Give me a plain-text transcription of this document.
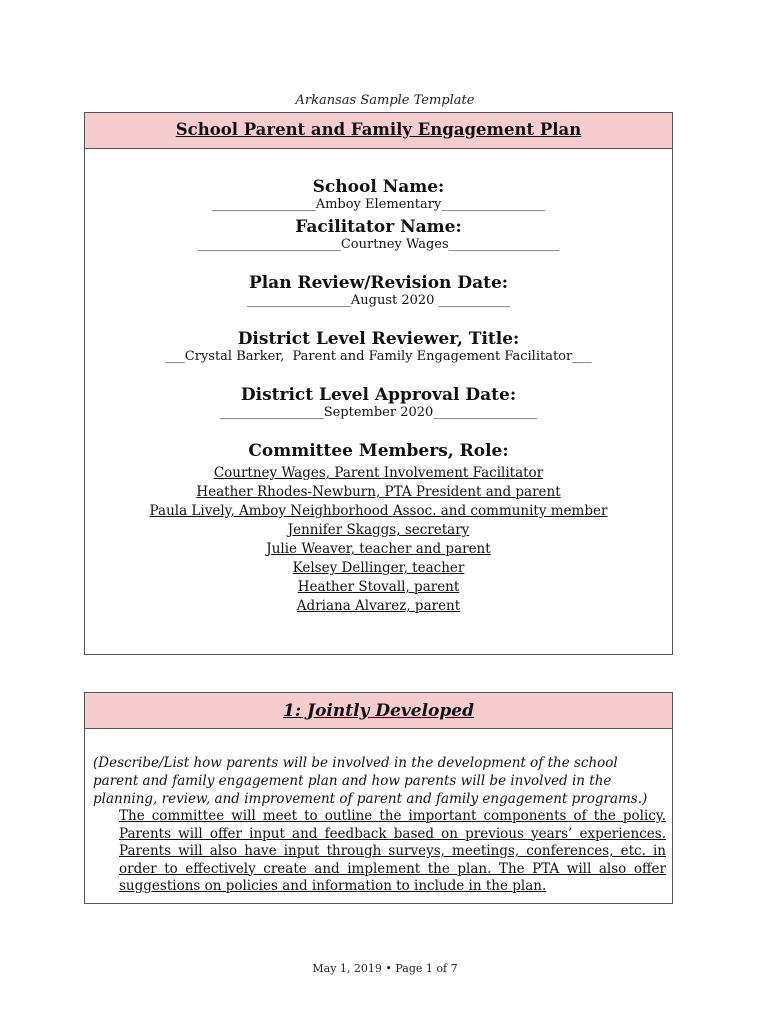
Arkansas Sample Template
School Parent and Family Engagement Plan
School Name:
________________Amboy Elementary________________
Facilitator Name:
______________________Courtney Wages_________________
Plan Review/Revision Date:
________________August 2020 ___________
District Level Reviewer, Title:
___Crystal Barker,  Parent and Family Engagement Facilitator___
District Level Approval Date:
________________September 2020________________
Committee Members, Role:
Courtney Wages, Parent Involvement Facilitator
Heather Rhodes-Newburn, PTA President and parent
Paula Lively, Amboy Neighborhood Assoc. and community member
Jennifer Skaggs, secretary
Julie Weaver, teacher and parent
Kelsey Dellinger, teacher
Heather Stovall, parent
Adriana Alvarez, parent
1: Jointly Developed
(Describe/List how parents will be involved in the development of the school parent and family engagement plan and how parents will be involved in the planning, review, and improvement of parent and family engagement programs.)
The committee will meet to outline the important components of the policy. Parents will offer input and feedback based on previous years’ experiences. Parents will also have input through surveys, meetings, conferences, etc. in order to effectively create and implement the plan. The PTA will also offer suggestions on policies and information to include in the plan.
May 1, 2019 • Page 1 of 7
